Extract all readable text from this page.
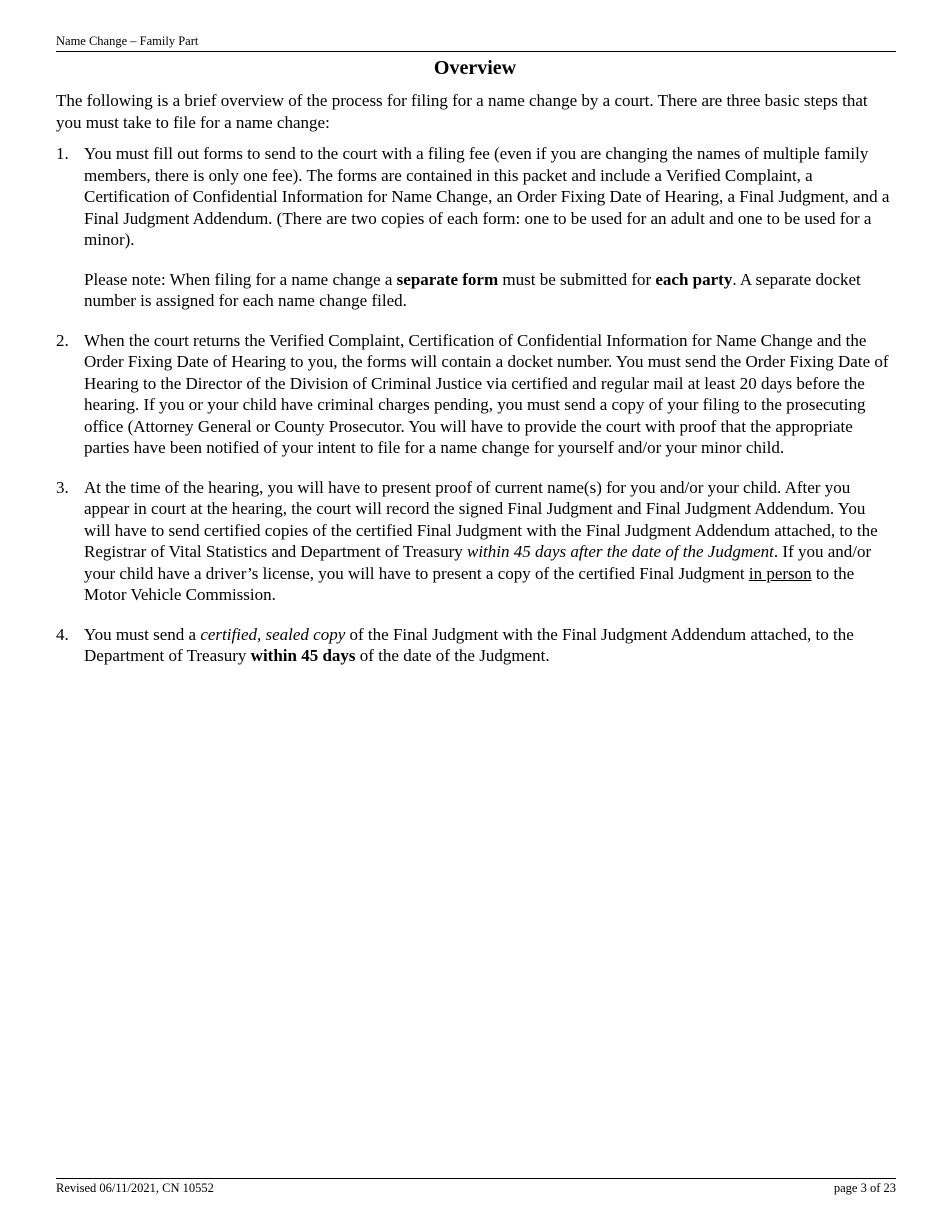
Name Change – Family Part
Overview

The following is a brief overview of the process for filing for a name change by a court. There are three basic steps that you must take to file for a name change:

1. You must fill out forms to send to the court with a filing fee (even if you are changing the names of multiple family members, there is only one fee). The forms are contained in this packet and include a Verified Complaint, a Certification of Confidential Information for Name Change, an Order Fixing Date of Hearing, a Final Judgment, and a Final Judgment Addendum. (There are two copies of each form: one to be used for an adult and one to be used for a minor).

Please note: When filing for a name change a separate form must be submitted for each party. A separate docket number is assigned for each name change filed.

2. When the court returns the Verified Complaint, Certification of Confidential Information for Name Change and the Order Fixing Date of Hearing to you, the forms will contain a docket number. You must send the Order Fixing Date of Hearing to the Director of the Division of Criminal Justice via certified and regular mail at least 20 days before the hearing. If you or your child have criminal charges pending, you must send a copy of your filing to the prosecuting office (Attorney General or County Prosecutor. You will have to provide the court with proof that the appropriate parties have been notified of your intent to file for a name change for yourself and/or your minor child.

3. At the time of the hearing, you will have to present proof of current name(s) for you and/or your child. After you appear in court at the hearing, the court will record the signed Final Judgment and Final Judgment Addendum. You will have to send certified copies of the certified Final Judgment with the Final Judgment Addendum attached, to the Registrar of Vital Statistics and Department of Treasury within 45 days after the date of the Judgment. If you and/or your child have a driver’s license, you will have to present a copy of the certified Final Judgment in person to the Motor Vehicle Commission.

4. You must send a certified, sealed copy of the Final Judgment with the Final Judgment Addendum attached, to the Department of Treasury within 45 days of the date of the Judgment.

Revised 06/11/2021, CN 10552	page 3 of 23
